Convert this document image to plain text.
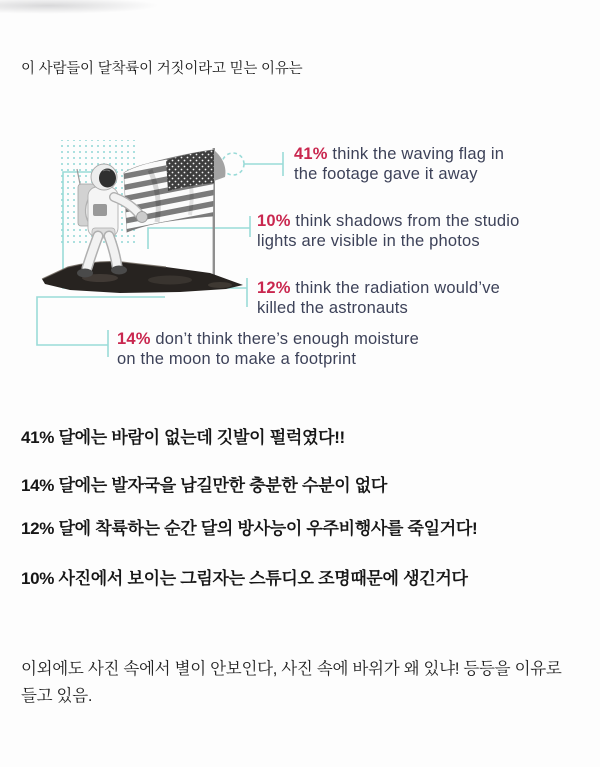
이 사람들이 달착륙이 거짓이라고 믿는 이유는
41% think the waving flag in
the footage gave it away
10% think shadows from the studio
lights are visible in the photos
12% think the radiation would’ve
killed the astronauts
14% don’t think there’s enough moisture
on the moon to make a footprint
41% 달에는 바람이 없는데 깃발이 펄럭였다!!
14% 달에는 발자국을 남길만한 충분한 수분이 없다
12% 달에 착륙하는 순간 달의 방사능이 우주비행사를 죽일거다!
10% 사진에서 보이는 그림자는 스튜디오 조명때문에 생긴거다
이외에도 사진 속에서 별이 안보인다, 사진 속에 바위가 왜 있냐! 등등을 이유로
들고 있음.
